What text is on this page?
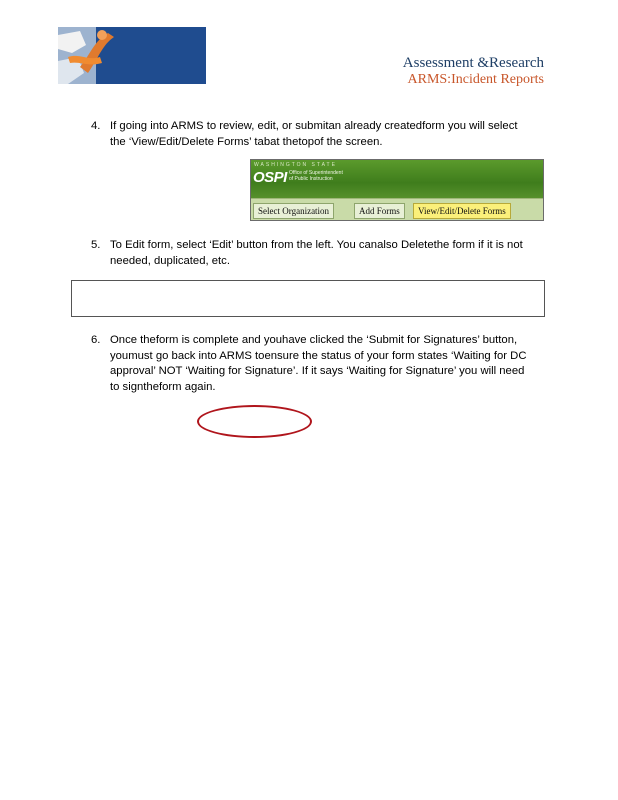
Assessment &Research
ARMS:Incident Reports
4. If going into ARMS to review, edit, or submitan already createdform you will select the ‘View/Edit/Delete Forms’ tabat thetopof the screen.
WASHINGTON STATE
OSPI Office of Superintendent
of Public Instruction
Select Organization	Add Forms	View/Edit/Delete Forms
5. To Edit form, select ‘Edit’ button from the left. You canalso Deletethe form if it is not needed, duplicated, etc.
6. Once theform is complete and youhave clicked the ‘Submit for Signatures’ button, youmust go back into ARMS toensure the status of your form states ‘Waiting for DC approval’ NOT ‘Waiting for Signature’. If it says ‘Waiting for Signature’ you will need to signtheform again.
